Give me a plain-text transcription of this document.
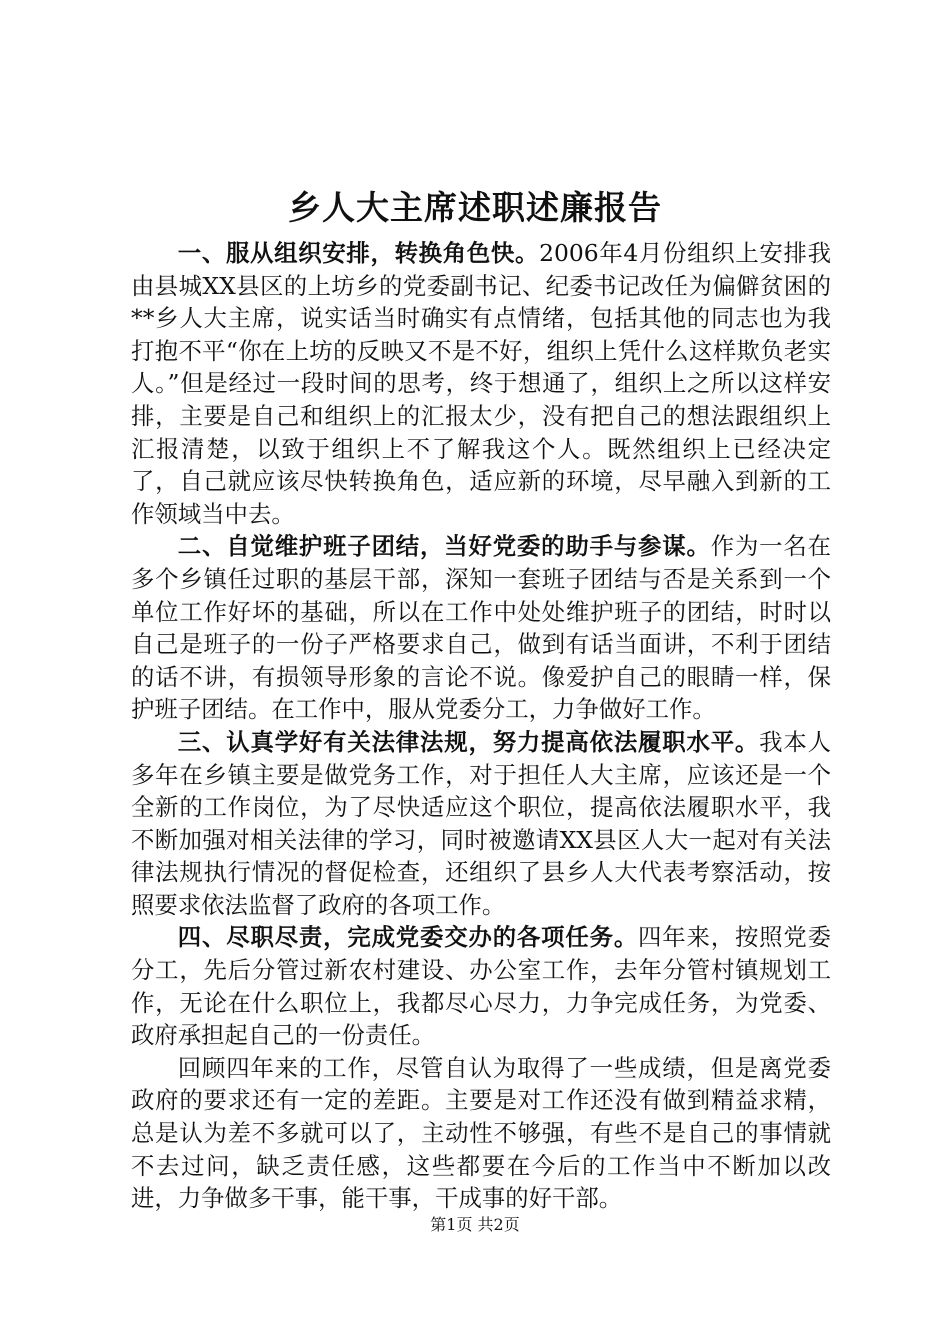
乡人大主席述职述廉报告

一、服从组织安排，转换角色快。2006年4月份组织上安排我由县城XX县区的上坊乡的党委副书记、纪委书记改任为偏僻贫困的**乡人大主席，说实话当时确实有点情绪，包括其他的同志也为我打抱不平“你在上坊的反映又不是不好，组织上凭什么这样欺负老实人。”但是经过一段时间的思考，终于想通了，组织上之所以这样安排，主要是自己和组织上的汇报太少，没有把自己的想法跟组织上汇报清楚，以致于组织上不了解我这个人。既然组织上已经决定了，自己就应该尽快转换角色，适应新的环境，尽早融入到新的工作领域当中去。

二、自觉维护班子团结，当好党委的助手与参谋。作为一名在多个乡镇任过职的基层干部，深知一套班子团结与否是关系到一个单位工作好坏的基础，所以在工作中处处维护班子的团结，时时以自己是班子的一份子严格要求自己，做到有话当面讲，不利于团结的话不讲，有损领导形象的言论不说。像爱护自己的眼睛一样，保护班子团结。在工作中，服从党委分工，力争做好工作。

三、认真学好有关法律法规，努力提高依法履职水平。我本人多年在乡镇主要是做党务工作，对于担任人大主席，应该还是一个全新的工作岗位，为了尽快适应这个职位，提高依法履职水平，我不断加强对相关法律的学习，同时被邀请XX县区人大一起对有关法律法规执行情况的督促检查，还组织了县乡人大代表考察活动，按照要求依法监督了政府的各项工作。

四、尽职尽责，完成党委交办的各项任务。四年来，按照党委分工，先后分管过新农村建设、办公室工作，去年分管村镇规划工作，无论在什么职位上，我都尽心尽力，力争完成任务，为党委、政府承担起自己的一份责任。

回顾四年来的工作，尽管自认为取得了一些成绩，但是离党委政府的要求还有一定的差距。主要是对工作还没有做到精益求精，总是认为差不多就可以了，主动性不够强，有些不是自己的事情就不去过问，缺乏责任感，这些都要在今后的工作当中不断加以改进，力争做多干事，能干事，干成事的好干部。

第1页 共2页
